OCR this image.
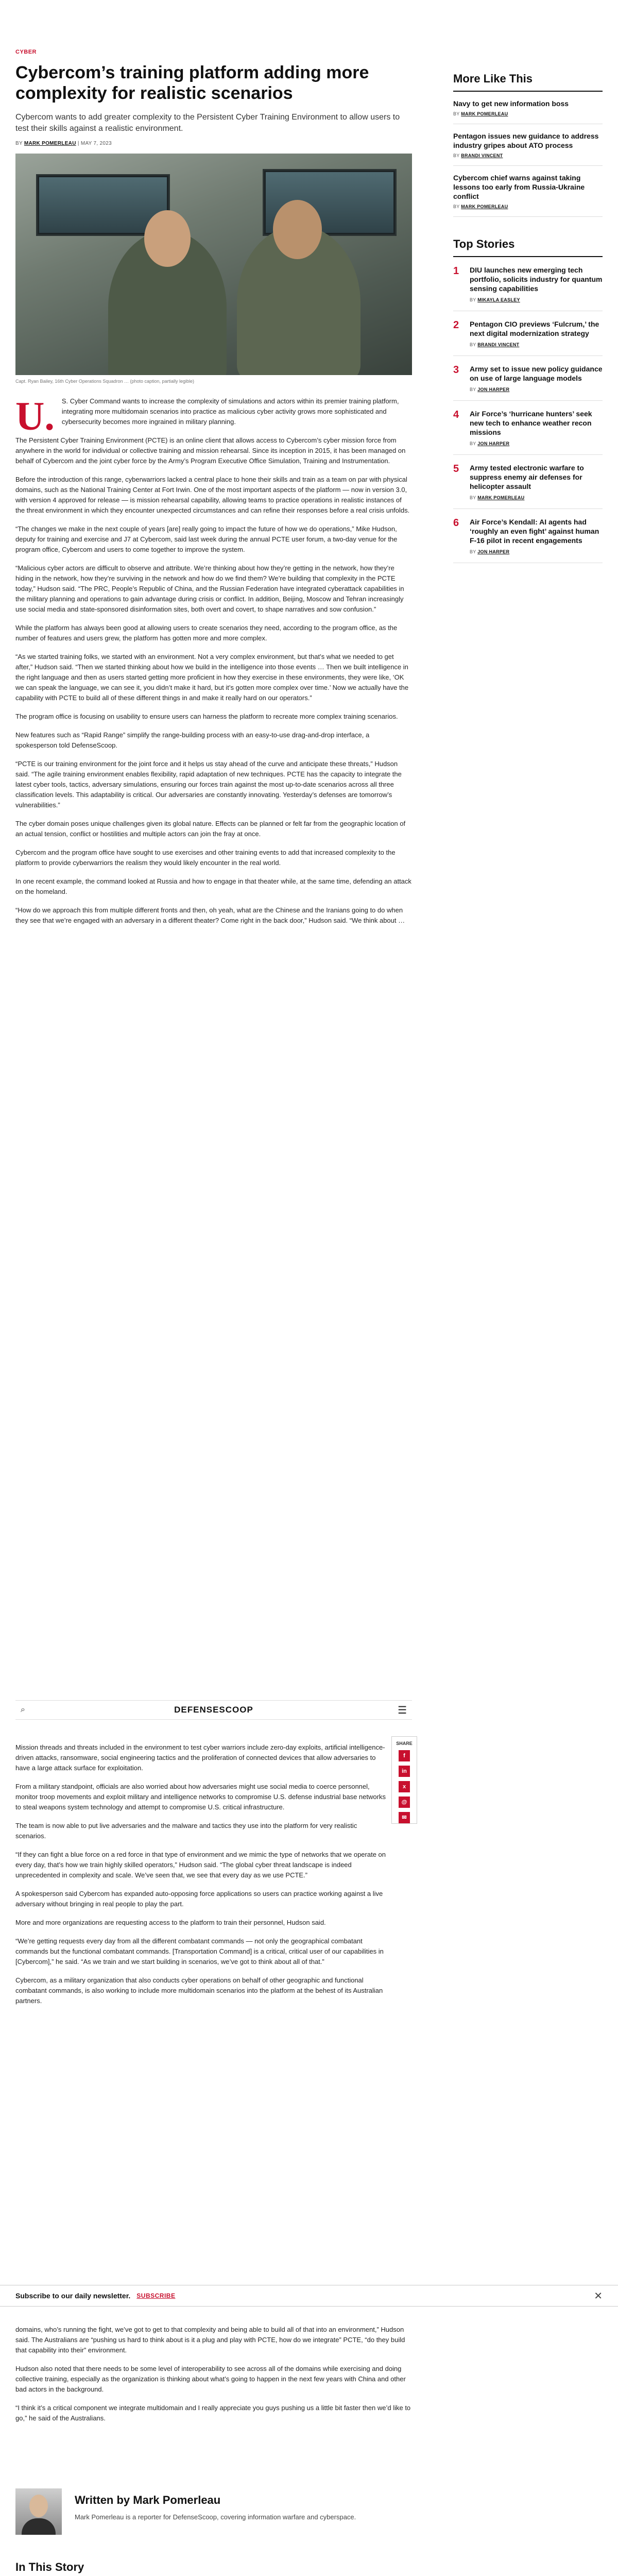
CYBER
Cybercom’s training platform adding more complexity for realistic scenarios

Cybercom wants to add greater complexity to the Persistent Cyber Training Environment to allow users to test their skills against a realistic environment.

BY MARK POMERLEAU | MAY 7, 2023

Capt. Ryan Bailey, 16th Cyber Operations Squadron … (photo caption, partially legible)

U. S. Cyber Command wants to increase the complexity of simulations and actors within its premier training platform, integrating more multidomain scenarios into practice as malicious cyber activity grows more sophisticated and cybersecurity becomes more ingrained in military planning.

The Persistent Cyber Training Environment (PCTE) is an online client that allows access to Cybercom’s cyber mission force from anywhere in the world for individual or collective training and mission rehearsal. Since its inception in 2015, it has been managed on behalf of Cybercom and the joint cyber force by the Army’s Program Executive Office Simulation, Training and Instrumentation.

Before the introduction of this range, cyberwarriors lacked a central place to hone their skills and train as a team on par with physical domains, such as the National Training Center at Fort Irwin. One of the most important aspects of the platform — now in version 3.0, with version 4 approved for release — is mission rehearsal capability, allowing teams to practice operations in realistic instances of the threat environment in which they encounter unexpected circumstances and can refine their responses before a real crisis unfolds.

“The changes we make in the next couple of years [are] really going to impact the future of how we do operations,” Mike Hudson, deputy for training and exercise and J7 at Cybercom, said last week during the annual PCTE user forum, a two-day venue for the program office, Cybercom and users to come together to improve the system.

“Malicious cyber actors are difficult to observe and attribute. We’re thinking about how they’re getting in the network, how they’re hiding in the network, how they’re surviving in the network and how do we find them? We’re building that complexity in the PCTE today,” Hudson said. “The PRC, People’s Republic of China, and the Russian Federation have integrated cyberattack capabilities in the military planning and operations to gain advantage during crisis or conflict. In addition, Beijing, Moscow and Tehran increasingly use social media and state-sponsored disinformation sites, both overt and covert, to shape narratives and sow confusion.”

While the platform has always been good at allowing users to create scenarios they need, according to the program office, as the number of features and users grew, the platform has gotten more and more complex.

“As we started training folks, we started with an environment. Not a very complex environment, but that’s what we needed to get after,” Hudson said. “Then we started thinking about how we build in the intelligence into those events … Then we built intelligence in the right language and then as users started getting more proficient in how they exercise in these environments, they were like, ‘OK we can speak the language, we can see it, you didn’t make it hard, but it’s gotten more complex over time.’ Now we actually have the capability with PCTE to build all of these different things in and make it really hard on our operators.”

The program office is focusing on usability to ensure users can harness the platform to recreate more complex training scenarios.

New features such as “Rapid Range” simplify the range-building process with an easy-to-use drag-and-drop interface, a spokesperson told DefenseScoop.

“PCTE is our training environment for the joint force and it helps us stay ahead of the curve and anticipate these threats,” Hudson said. “The agile training environment enables flexibility, rapid adaptation of new techniques. PCTE has the capacity to integrate the latest cyber tools, tactics, adversary simulations, ensuring our forces train against the most up-to-date scenarios across all three classification levels. This adaptability is critical. Our adversaries are constantly innovating. Yesterday’s defenses are tomorrow’s vulnerabilities.”

The cyber domain poses unique challenges given its global nature. Effects can be planned or felt far from the geographic location of an actual tension, conflict or hostilities and multiple actors can join the fray at once.

Cybercom and the program office have sought to use exercises and other training events to add that increased complexity to the platform to provide cyberwarriors the realism they would likely encounter in the real world.

In one recent example, the command looked at Russia and how to engage in that theater while, at the same time, defending an attack on the homeland.

“How do we approach this from multiple different fronts and then, oh yeah, what are the Chinese and the Iranians going to do when they see that we’re engaged with an adversary in a different theater? Come right in the back door,” Hudson said. “We think about …

⌕	DEFENSESCOOP	☰
SHARE
f
in
x
@
✉

Mission threads and threats included in the environment to test cyber warriors include zero-day exploits, artificial intelligence-driven attacks, ransomware, social engineering tactics and the proliferation of connected devices that allow adversaries to have a large attack surface for exploitation.

From a military standpoint, officials are also worried about how adversaries might use social media to coerce personnel, monitor troop movements and exploit military and intelligence networks to compromise U.S. defense industrial base networks to steal weapons system technology and attempt to compromise U.S. critical infrastructure.

The team is now able to put live adversaries and the malware and tactics they use into the platform for very realistic scenarios.

“If they can fight a blue force on a red force in that type of environment and we mimic the type of networks that we operate on every day, that’s how we train highly skilled operators,” Hudson said. “The global cyber threat landscape is indeed unprecedented in complexity and scale. We’ve seen that, we see that every day as we use PCTE.”

A spokesperson said Cybercom has expanded auto-opposing force applications so users can practice working against a live adversary without bringing in real people to play the part.

More and more organizations are requesting access to the platform to train their personnel, Hudson said.

“We’re getting requests every day from all the different combatant commands — not only the geographical combatant commands but the functional combatant commands. [Transportation Command] is a critical, critical user of our capabilities in [Cybercom],” he said. “As we train and we start building in scenarios, we’ve got to think about all of that.”

Cybercom, as a military organization that also conducts cyber operations on behalf of other geographic and functional combatant commands, is also working to include more multidomain scenarios into the platform at the behest of its Australian partners.

Subscribe to our daily newsletter. SUBSCRIBE	✕

domains, who’s running the fight, we’ve got to get to that complexity and being able to build all of that into an environment,” Hudson said. The Australians are “pushing us hard to think about is it a plug and play with PCTE, how do we integrate” PCTE, “do they build that capability into their” environment.

Hudson also noted that there needs to be some level of interoperability to see across all of the domains while exercising and doing collective training, especially as the organization is thinking about what’s going to happen in the next few years with China and other bad actors in the background.

“I think it’s a critical component we integrate multidomain and I really appreciate you guys pushing us a little bit faster then we’d like to go,” he said of the Australians.

Written by Mark Pomerleau
Mark Pomerleau is a reporter for DefenseScoop, covering information warfare and cyberspace.
In This Story
More Like This
Navy to get new information boss
BY MARK POMERLEAU
Pentagon issues new guidance to address industry gripes about ATO process
BY BRANDI VINCENT
Cybercom chief warns against taking lessons too early from Russia-Ukraine conflict
BY MARK POMERLEAU
Top Stories
1	DIU launches new emerging tech portfolio, solicits industry for quantum sensing capabilities
BY MIKAYLA EASLEY
2	Pentagon CIO previews ‘Fulcrum,’ the next digital modernization strategy
BY BRANDI VINCENT
3	Army set to issue new policy guidance on use of large language models
BY JON HARPER
4	Air Force’s ‘hurricane hunters’ seek new tech to enhance weather recon missions
BY JON HARPER
5	Army tested electronic warfare to suppress enemy air defenses for helicopter assault
BY MARK POMERLEAU
6	Air Force’s Kendall: AI agents had ‘roughly an even fight’ against human F-16 pilot in recent engagements
BY JON HARPER
